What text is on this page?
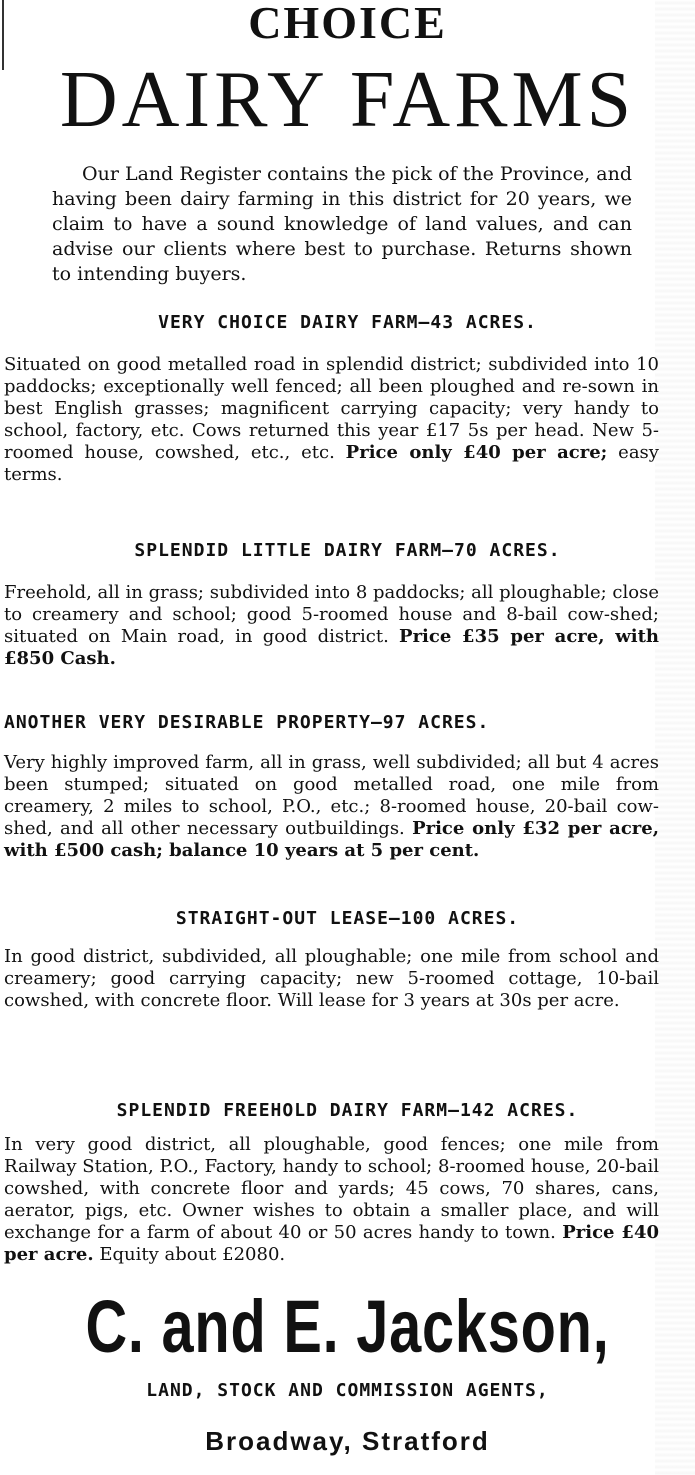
CHOICE
DAIRY FARMS

Our Land Register contains the pick of the Province, and having been dairy farming in this district for 20 years, we claim to have a sound knowledge of land values, and can advise our clients where best to purchase. Returns shown to intending buyers.

VERY CHOICE DAIRY FARM—43 ACRES.

Situated on good metalled road in splendid district; subdivided into 10 paddocks; exceptionally well fenced; all been ploughed and re-sown in best English grasses; magnificent carrying capacity; very handy to school, factory, etc. Cows returned this year £17 5s per head. New 5-roomed house, cowshed, etc., etc. Price only £40 per acre; easy terms.

SPLENDID LITTLE DAIRY FARM—70 ACRES.

Freehold, all in grass; subdivided into 8 paddocks; all ploughable; close to creamery and school; good 5-roomed house and 8-bail cow-shed; situated on Main road, in good district. Price £35 per acre, with £850 Cash.

ANOTHER VERY DESIRABLE PROPERTY—97 ACRES.

Very highly improved farm, all in grass, well subdivided; all but 4 acres been stumped; situated on good metalled road, one mile from creamery, 2 miles to school, P.O., etc.; 8-roomed house, 20-bail cow-shed, and all other necessary outbuildings. Price only £32 per acre, with £500 cash; balance 10 years at 5 per cent.

STRAIGHT-OUT LEASE—100 ACRES.

In good district, subdivided, all ploughable; one mile from school and creamery; good carrying capacity; new 5-roomed cottage, 10-bail cowshed, with concrete floor. Will lease for 3 years at 30s per acre.

SPLENDID FREEHOLD DAIRY FARM—142 ACRES.

In very good district, all ploughable, good fences; one mile from Railway Station, P.O., Factory, handy to school; 8-roomed house, 20-bail cowshed, with concrete floor and yards; 45 cows, 70 shares, cans, aerator, pigs, etc. Owner wishes to obtain a smaller place, and will exchange for a farm of about 40 or 50 acres handy to town. Price £40 per acre. Equity about £2080.

C. and E. Jackson,
LAND, STOCK AND COMMISSION AGENTS,
Broadway, Stratford
